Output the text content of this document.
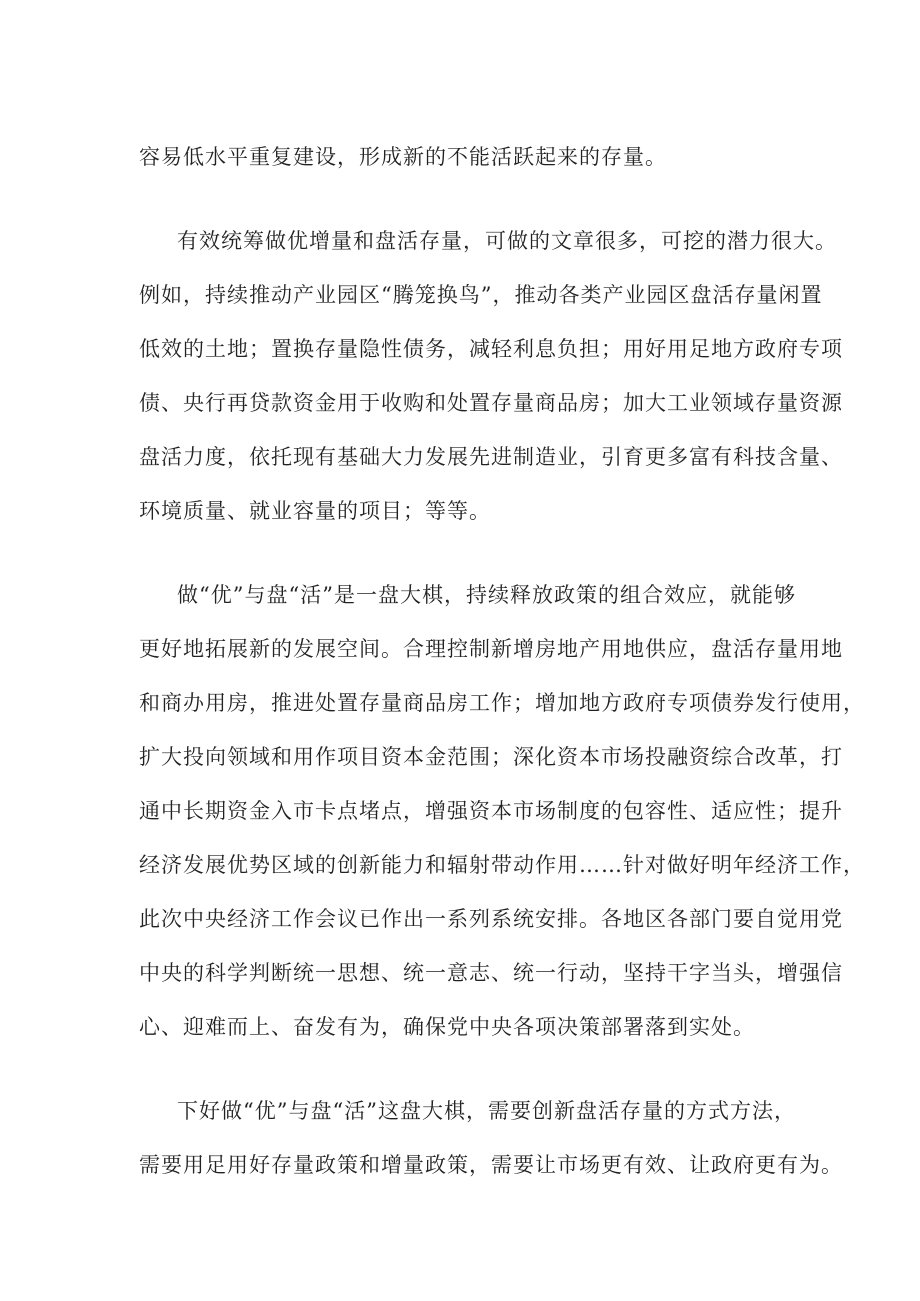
容易低水平重复建设，形成新的不能活跃起来的存量。

有效统筹做优增量和盘活存量，可做的文章很多，可挖的潜力很大。
例如，持续推动产业园区“腾笼换鸟”，推动各类产业园区盘活存量闲置
低效的土地；置换存量隐性债务，减轻利息负担；用好用足地方政府专项
债、央行再贷款资金用于收购和处置存量商品房；加大工业领域存量资源
盘活力度，依托现有基础大力发展先进制造业，引育更多富有科技含量、
环境质量、就业容量的项目；等等。

做“优”与盘“活”是一盘大棋，持续释放政策的组合效应，就能够
更好地拓展新的发展空间。合理控制新增房地产用地供应，盘活存量用地
和商办用房，推进处置存量商品房工作；增加地方政府专项债券发行使用，
扩大投向领域和用作项目资本金范围；深化资本市场投融资综合改革，打
通中长期资金入市卡点堵点，增强资本市场制度的包容性、适应性；提升
经济发展优势区域的创新能力和辐射带动作用……针对做好明年经济工作，
此次中央经济工作会议已作出一系列系统安排。各地区各部门要自觉用党
中央的科学判断统一思想、统一意志、统一行动，坚持干字当头，增强信
心、迎难而上、奋发有为，确保党中央各项决策部署落到实处。

下好做“优”与盘“活”这盘大棋，需要创新盘活存量的方式方法，
需要用足用好存量政策和增量政策，需要让市场更有效、让政府更有为。
